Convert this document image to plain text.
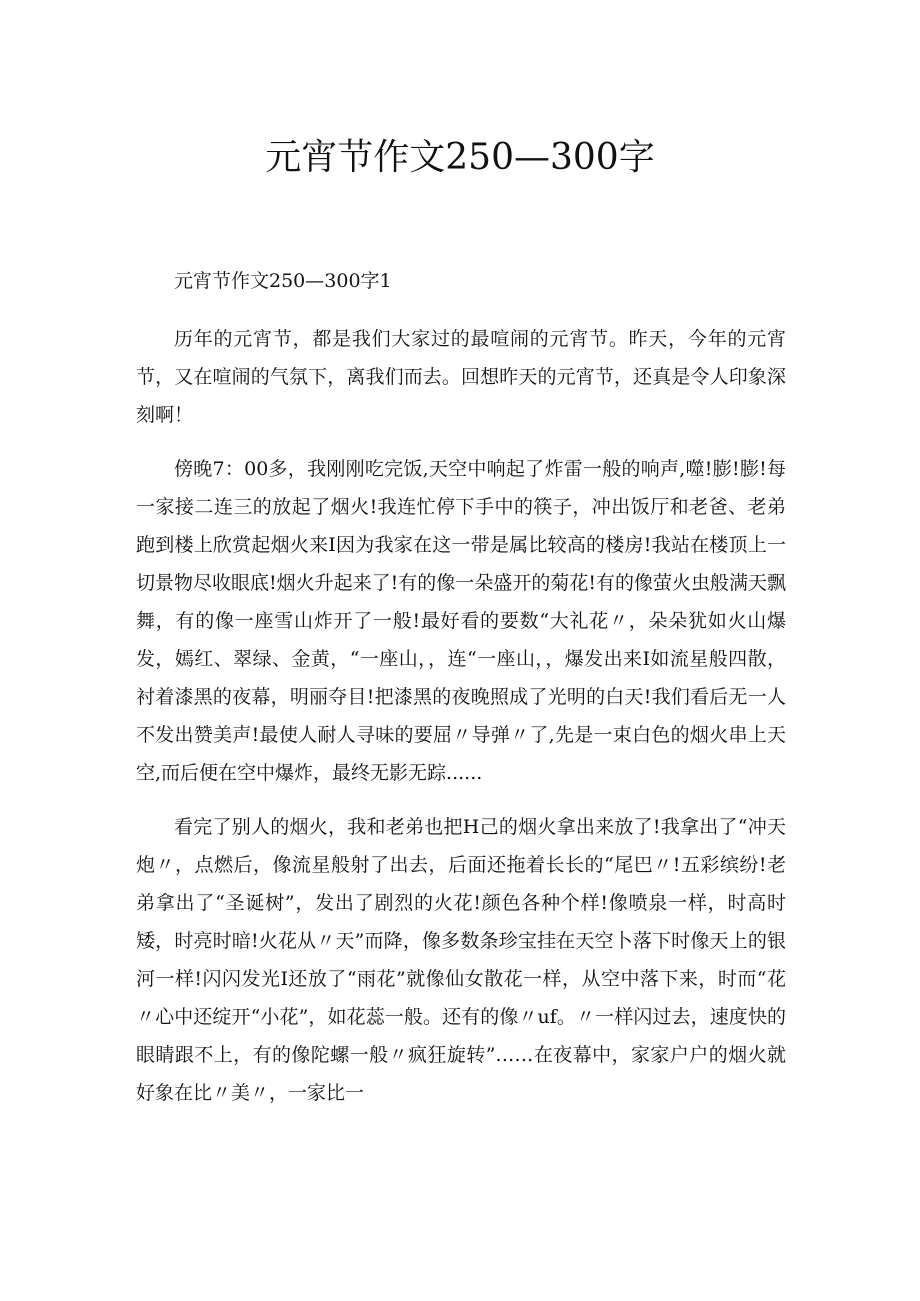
元宵节作文250—300字

元宵节作文250—300字1

历年的元宵节，都是我们大家过的最喧闹的元宵节。昨天，今年的元宵节，又在喧闹的气氛下，离我们而去。回想昨天的元宵节，还真是令人印象深刻啊！

傍晚7：00多，我刚刚吃完饭,天空中响起了炸雷一般的响声,噬!膨!膨!每一家接二连三的放起了烟火!我连忙停下手中的筷子，冲出饭厅和老爸、老弟跑到楼上欣赏起烟火来I因为我家在这一带是属比较高的楼房!我站在楼顶上一切景物尽收眼底!烟火升起来了!有的像一朵盛开的菊花!有的像萤火虫般满天飘舞，有的像一座雪山炸开了一般!最好看的要数“大礼花〃，朵朵犹如火山爆发，嫣红、翠绿、金黄，“一座山，，连“一座山，，爆发出来I如流星般四散，衬着漆黑的夜幕，明丽夺目!把漆黑的夜晚照成了光明的白天!我们看后无一人不发出赞美声!最使人耐人寻味的要屈〃导弹〃了,先是一束白色的烟火串上天空,而后便在空中爆炸，最终无影无踪......

看完了别人的烟火，我和老弟也把H己的烟火拿出来放了!我拿出了“冲天炮〃，点燃后，像流星般射了出去，后面还拖着长长的“尾巴〃!五彩缤纷!老弟拿出了“圣诞树”，发出了剧烈的火花!颜色各种个样!像喷泉一样，时高时矮，时亮时暗!火花从〃天”而降，像多数条珍宝挂在天空卜落下时像天上的银河一样!闪闪发光I还放了“雨花”就像仙女散花一样，从空中落下来，时而“花〃心中还绽开“小花”，如花蕊一般。还有的像〃uf。〃一样闪过去，速度快的眼睛跟不上，有的像陀螺一般〃疯狂旋转”……在夜幕中，家家户户的烟火就好象在比〃美〃，一家比一
